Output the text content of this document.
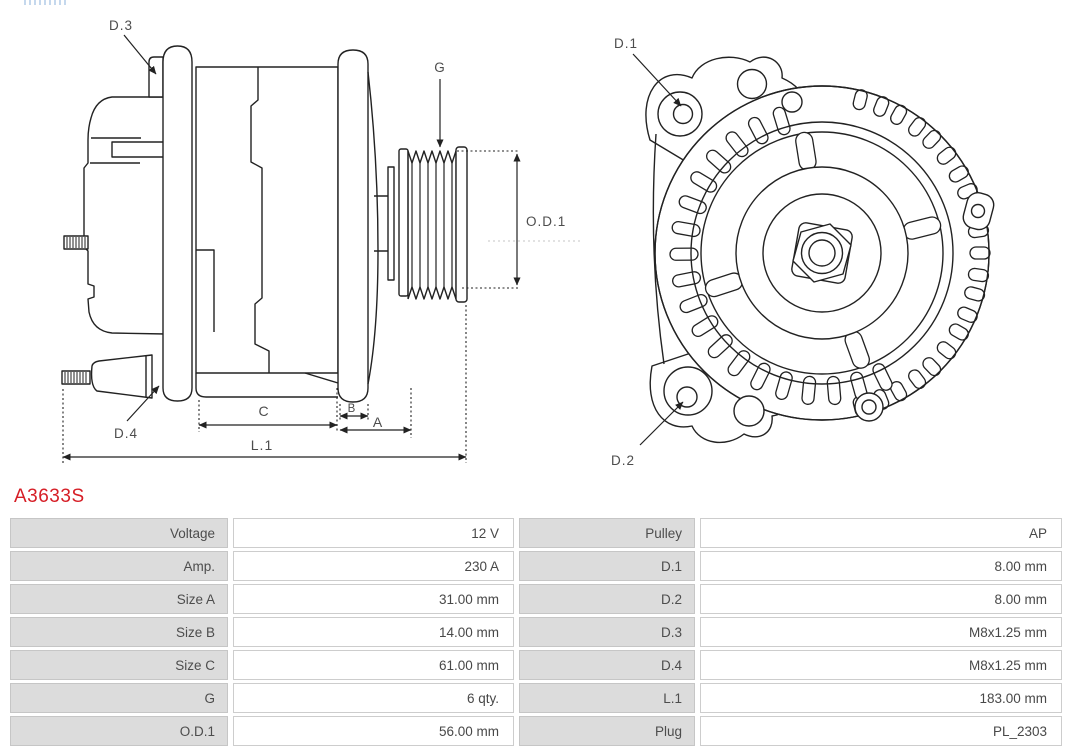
D.3
D.4
G
O.D.1
C	B
A
L.1
D.1
D.2
A3633S
Voltage	12 V	Pulley	AP
Amp.	230 A	D.1	8.00 mm
Size A	31.00 mm	D.2	8.00 mm
Size B	14.00 mm	D.3	M8x1.25 mm
Size C	61.00 mm	D.4	M8x1.25 mm
G	6 qty.	L.1	183.00 mm
O.D.1	56.00 mm	Plug	PL_2303
